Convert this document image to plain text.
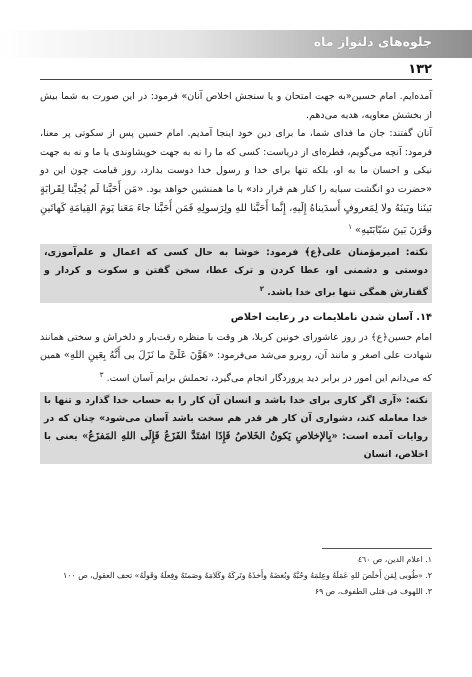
جلوه‌های دلنواز ماه
۱۳۲

آمده‌ایم. امام حسین«به جهت امتحان و یا سنجش اخلاص آنان» فرمود: در این صورت به شما بیش از بخشش معاویه، هدیه می‌دهم.

آنان گفتند: جان ما فدای شما، ما برای دین خود اینجا آمدیم. امام حسین پس از سکوتی پر معنا، فرمود: آنچه می‌گویم، قطره‌ای از دریاست: کسی که ما را نه به جهت خویشاوندی یا ما و نه به جهت نیکی و احسان ما به او، بلکه تنها برای خدا و رسول خدا دوست بدارد، روز قیامت چون این دو «حضرت دو انگشت سبابه را کنار هم قرار داد» با ما همنشین خواهد بود. «مَن أَحَبَّنا لَم یُحِبَّنا لِقَرابَةٍ بَینَنا وبَینَهُ ولا لِمَعروفٍ أَسدَیناهُ إِلَیهِ، إِنَّما أَحَبَّنا للهِ ولِرَسولِهِ فَمَن أَحَبَّنا جاءَ مَعَنا یَومَ القِیامَةِ کَهاتَینِ وقَرَنَ بَینَ سَبّابَتَیهِ» $^۱$

نکته: امیرمؤمنان علی﴿ع﴾ فرمود: خوشا به حال کسی که اعمال و علم‌آموزی، دوستی و دشمنی او، عطا کردن و ترک عطا، سخن گفتن و سکوت و کردار و گفتارش همگی تنها برای خدا باشد. $^۲$
۱۴. آسان شدن ناملایمات در رعایت اخلاص

امام حسین﴿ع﴾ در روز عاشورای خونین کربلا، هر وقت با منظره رقت‌بار و دلخراش و سختی همانند شهادت علی اصغر و مانند آن، روبرو می‌شد می‌فرمود: «هَوَّنَ عَلَیَّ ما نَزَلَ بی أَنَّهُ بِعَینِ اللهِ» همین که می‌دانم این امور در برابر دید پروردگار انجام می‌گیرد، تحملش برایم آسان است. $^۳$

نکته: «آری اگر کاری برای خدا باشد و انسان آن کار را به حساب خدا گذارد و تنها با خدا معامله کند، دشواری آن کار هر قدر هم سخت باشد آسان می‌شود» چنان که در روایات آمده است: «بِالإخلاصِ یَکونُ الخَلاصُ فَإِذَا اشتَدَّ الفَزَعُ فَإِلَی اللهِ المَفزَعُ» یعنی با اخلاص، انسان

۱. اعلام الدین، ص ٤٦٠

۲. «طُوبی لِمَن أَخلَصَ للهِ عَمَلَهُ وعِلمَهُ وحُبَّهُ وبُغضَهُ وأَخذَهُ وتَرکَهُ وکَلامَهُ وصَمتَهُ وفِعلَهُ وقَولَهُ» تحف العقول، ص ۱۰۰

۳. اللهوف فی قتلی الطفوف، ص ۶۹
